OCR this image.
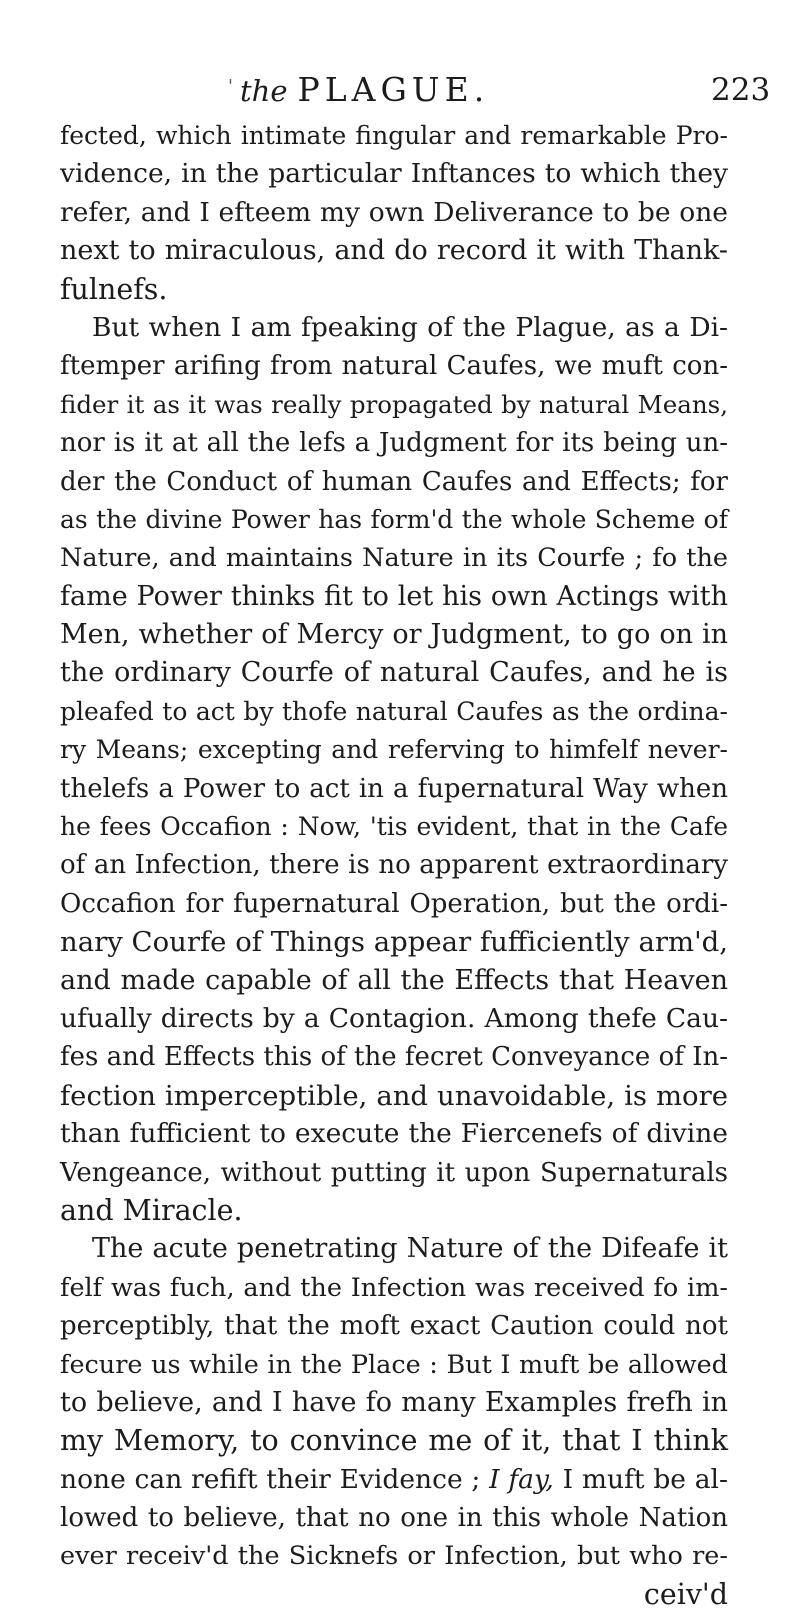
' the PLAGUE.	223
fected, which intimate fingular and remarkable Pro-
vidence, in the particular Inftances to which they
refer, and I efteem my own Deliverance to be one
next to miraculous, and do record it with Thank-
fulnefs.
But when I am fpeaking of the Plague, as a Di-
ftemper arifing from natural Caufes, we muft con-
fider it as it was really propagated by natural Means,
nor is it at all the lefs a Judgment for its being un-
der the Conduct of human Caufes and Effects; for
as the divine Power has form'd the whole Scheme of
Nature, and maintains Nature in its Courfe ; fo the
fame Power thinks fit to let his own Actings with
Men, whether of Mercy or Judgment, to go on in
the ordinary Courfe of natural Caufes, and he is
pleafed to act by thofe natural Caufes as the ordina-
ry Means; excepting and referving to himfelf never-
thelefs a Power to act in a fupernatural Way when
he fees Occafion : Now, 'tis evident, that in the Cafe
of an Infection, there is no apparent extraordinary
Occafion for fupernatural Operation, but the ordi-
nary Courfe of Things appear fufficiently arm'd,
and made capable of all the Effects that Heaven
ufually directs by a Contagion. Among thefe Cau-
fes and Effects this of the fecret Conveyance of In-
fection imperceptible, and unavoidable, is more
than fufficient to execute the Fiercenefs of divine
Vengeance, without putting it upon Supernaturals
and Miracle.
The acute penetrating Nature of the Difeafe it
felf was fuch, and the Infection was received fo im-
perceptibly, that the moft exact Caution could not
fecure us while in the Place : But I muft be allowed
to believe, and I have fo many Examples frefh in
my Memory, to convince me of it, that I think
none can refift their Evidence ; I fay, I muft be al-
lowed to believe, that no one in this whole Nation
ever receiv'd the Sicknefs or Infection, but who re-
ceiv'd
